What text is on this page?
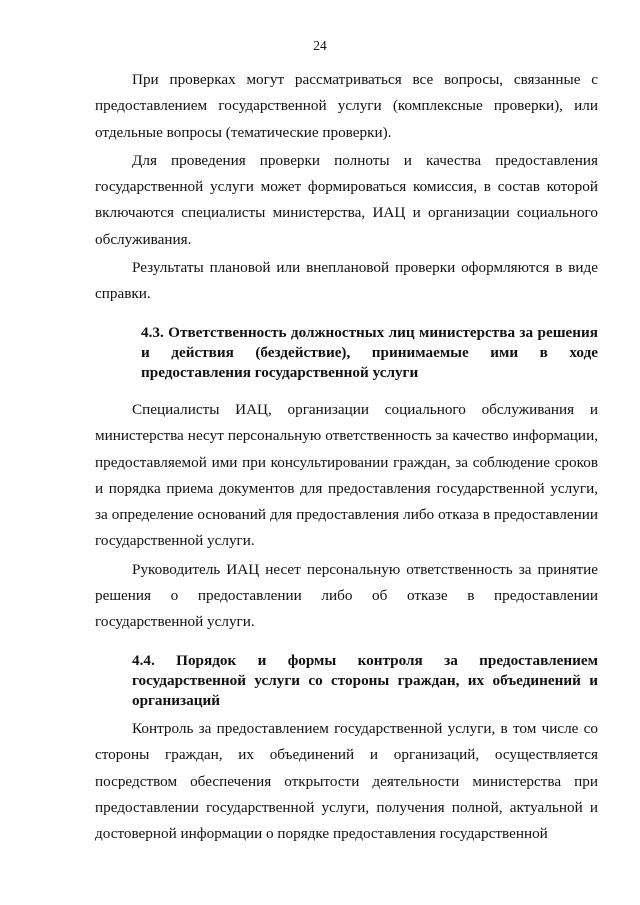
24

При проверках могут рассматриваться все вопросы, связанные с предоставлением государственной услуги (комплексные проверки), или отдельные вопросы (тематические проверки).

Для проведения проверки полноты и качества предоставления государственной услуги может формироваться комиссия, в состав которой включаются специалисты министерства, ИАЦ и организации социального обслуживания.

Результаты плановой или внеплановой проверки оформляются в виде справки.

4.3. Ответственность должностных лиц министерства за решения и действия (бездействие), принимаемые ими в ходе предоставления государственной услуги

Специалисты ИАЦ, организации социального обслуживания и министерства несут персональную ответственность за качество информации, предоставляемой ими при консультировании граждан, за соблюдение сроков и порядка приема документов для предоставления государственной услуги, за определение оснований для предоставления либо отказа в предоставлении государственной услуги.

Руководитель ИАЦ несет персональную ответственность за принятие решения о предоставлении либо об отказе в предоставлении государственной услуги.

4.4. Порядок и формы контроля за предоставлением государственной услуги со стороны граждан, их объединений и организаций

Контроль за предоставлением государственной услуги, в том числе со стороны граждан, их объединений и организаций, осуществляется посредством обеспечения открытости деятельности министерства при предоставлении государственной услуги, получения полной, актуальной и достоверной информации о порядке предоставления государственной
